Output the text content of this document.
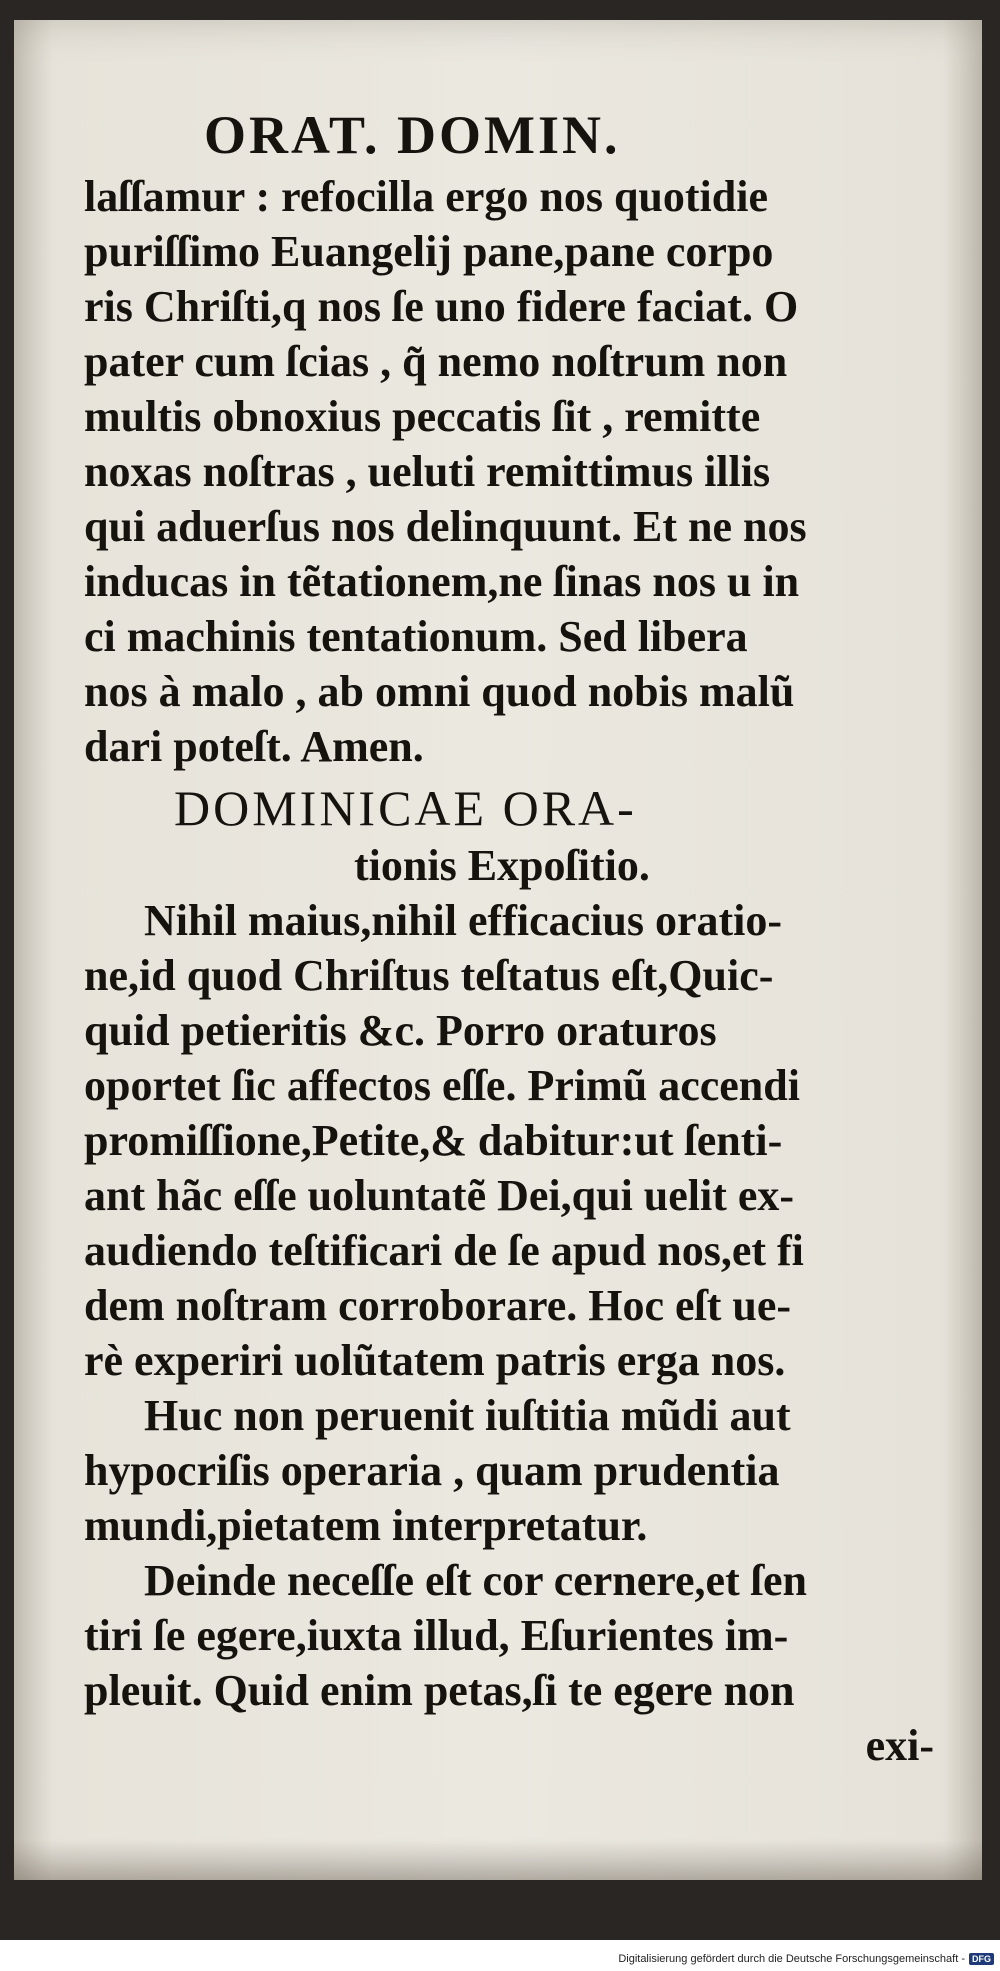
ORAT. DOMIN.
laſſamur : refocilla ergo nos quotidie
puriſſimo Euangelij pane,pane corpo
ris Chriſti,q nos ſe uno fidere faciat. O
pater cum ſcias , q̃ nemo noſtrum non
multis obnoxius peccatis ſit , remitte
noxas noſtras , ueluti remittimus illis
qui aduerſus nos delinquunt. Et ne nos
inducas in tẽtationem,ne ſinas nos u in
ci machinis tentationum. Sed libera
nos à malo , ab omni quod nobis malũ
dari poteſt. Amen.
DOMINICAE ORA-
tionis Expoſitio.
Nihil maius,nihil efficacius oratio-
ne,id quod Chriſtus teſtatus eſt,Quic-
quid petieritis &c. Porro oraturos
oportet ſic affectos eſſe. Primũ accendi
promiſſione,Petite,& dabitur:ut ſenti-
ant hãc eſſe uoluntatẽ Dei,qui uelit ex-
audiendo teſtificari de ſe apud nos,et fi
dem noſtram corroborare. Hoc eſt ue-
rè experiri uolũtatem patris erga nos.
Huc non peruenit iuſtitia mũdi aut
hypocriſis operaria , quam prudentia
mundi,pietatem interpretatur.
Deinde neceſſe eſt cor cernere,et ſen
tiri ſe egere,iuxta illud, Eſurientes im-
pleuit. Quid enim petas,ſi te egere non
exi-
Digitalisierung gefördert durch die Deutsche Forschungsgemeinschaft - DFG
